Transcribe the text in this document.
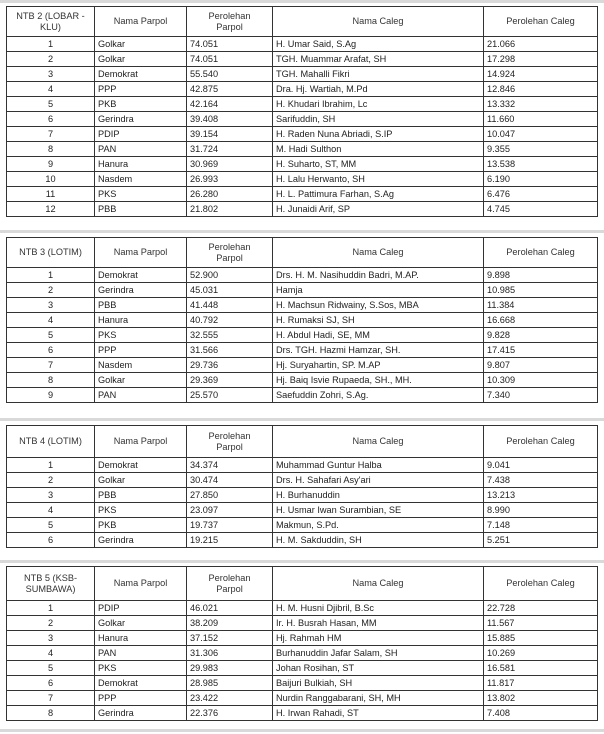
NTB 2 (LOBAR -KLU)	Nama Parpol	Perolehan Parpol	Nama Caleg	Perolehan Caleg
1	Golkar	74.051	H. Umar Said, S.Ag	21.066
2	Golkar	74.051	TGH. Muammar Arafat, SH	17.298
3	Demokrat	55.540	TGH. Mahalli Fikri	14.924
4	PPP	42.875	Dra. Hj. Wartiah, M.Pd	12.846
5	PKB	42.164	H. Khudari Ibrahim, Lc	13.332
6	Gerindra	39.408	Sarifuddin, SH	11.660
7	PDIP	39.154	H. Raden Nuna Abriadi, S.IP	10.047
8	PAN	31.724	M. Hadi Sulthon	9.355
9	Hanura	30.969	H. Suharto, ST, MM	13.538
10	Nasdem	26.993	H. Lalu Herwanto, SH	6.190
11	PKS	26.280	H. L. Pattimura Farhan, S.Ag	6.476
12	PBB	21.802	H. Junaidi Arif, SP	4.745
NTB 3 (LOTIM)	Nama Parpol	Perolehan Parpol	Nama Caleg	Perolehan Caleg
1	Demokrat	52.900	Drs. H. M. Nasihuddin Badri, M.AP.	9.898
2	Gerindra	45.031	Hamja	10.985
3	PBB	41.448	H. Machsun Ridwainy, S.Sos, MBA	11.384
4	Hanura	40.792	H. Rumaksi SJ, SH	16.668
5	PKS	32.555	H. Abdul Hadi, SE, MM	9.828
6	PPP	31.566	Drs. TGH. Hazmi Hamzar, SH.	17.415
7	Nasdem	29.736	Hj. Suryahartin, SP. M.AP	9.807
8	Golkar	29.369	Hj. Baiq Isvie Rupaeda, SH., MH.	10.309
9	PAN	25.570	Saefuddin Zohri, S.Ag.	7.340
NTB 4 (LOTIM)	Nama Parpol	Perolehan Parpol	Nama Caleg	Perolehan Caleg
1	Demokrat	34.374	Muhammad Guntur Halba	9.041
2	Golkar	30.474	Drs. H. Sahafari Asy'ari	7.438
3	PBB	27.850	H. Burhanuddin	13.213
4	PKS	23.097	H. Usmar Iwan Surambian, SE	8.990
5	PKB	19.737	Makmun, S.Pd.	7.148
6	Gerindra	19.215	H. M. Sakduddin, SH	5.251
NTB 5 (KSB-SUMBAWA)	Nama Parpol	Perolehan Parpol	Nama Caleg	Perolehan Caleg
1	PDIP	46.021	H. M. Husni Djibril, B.Sc	22.728
2	Golkar	38.209	Ir. H. Busrah Hasan, MM	11.567
3	Hanura	37.152	Hj. Rahmah HM	15.885
4	PAN	31.306	Burhanuddin Jafar Salam, SH	10.269
5	PKS	29.983	Johan Rosihan, ST	16.581
6	Demokrat	28.985	Baijuri Bulkiah, SH	11.817
7	PPP	23.422	Nurdin Ranggabarani, SH, MH	13.802
8	Gerindra	22.376	H. Irwan Rahadi, ST	7.408
